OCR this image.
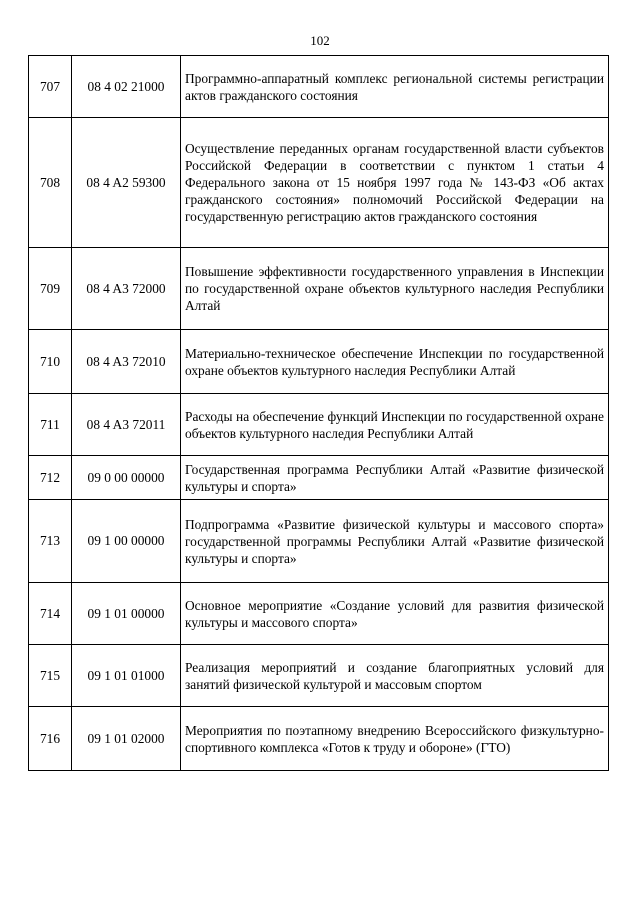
102
707	08 4 02 21000	Программно-аппаратный комплекс региональной системы регистрации актов гражданского состояния
708	08 4 A2 59300	Осуществление переданных органам государственной власти субъектов Российской Федерации в соответствии с пунктом 1 статьи 4 Федерального закона от 15 ноября 1997 года № 143-ФЗ «Об актах гражданского состояния» полномочий Российской Федерации на государственную регистрацию актов гражданского состояния
709	08 4 A3 72000	Повышение эффективности государственного управления в Инспекции по государственной охране объектов культурного наследия Республики Алтай
710	08 4 A3 72010	Материально-техническое обеспечение Инспекции по государственной охране объектов культурного наследия Республики Алтай
711	08 4 A3 72011	Расходы на обеспечение функций Инспекции по государственной охране объектов культурного наследия Республики Алтай
712	09 0 00 00000	Государственная программа Республики Алтай «Развитие физической культуры и спорта»
713	09 1 00 00000	Подпрограмма «Развитие физической культуры и массового спорта» государственной программы Республики Алтай «Развитие физической культуры и спорта»
714	09 1 01 00000	Основное мероприятие «Создание условий для развития физической культуры и массового спорта»
715	09 1 01 01000	Реализация мероприятий и создание благоприятных условий для занятий физической культурой и массовым спортом
716	09 1 01 02000	Мероприятия по поэтапному внедрению Всероссийского физкультурно-спортивного комплекса «Готов к труду и обороне» (ГТО)
